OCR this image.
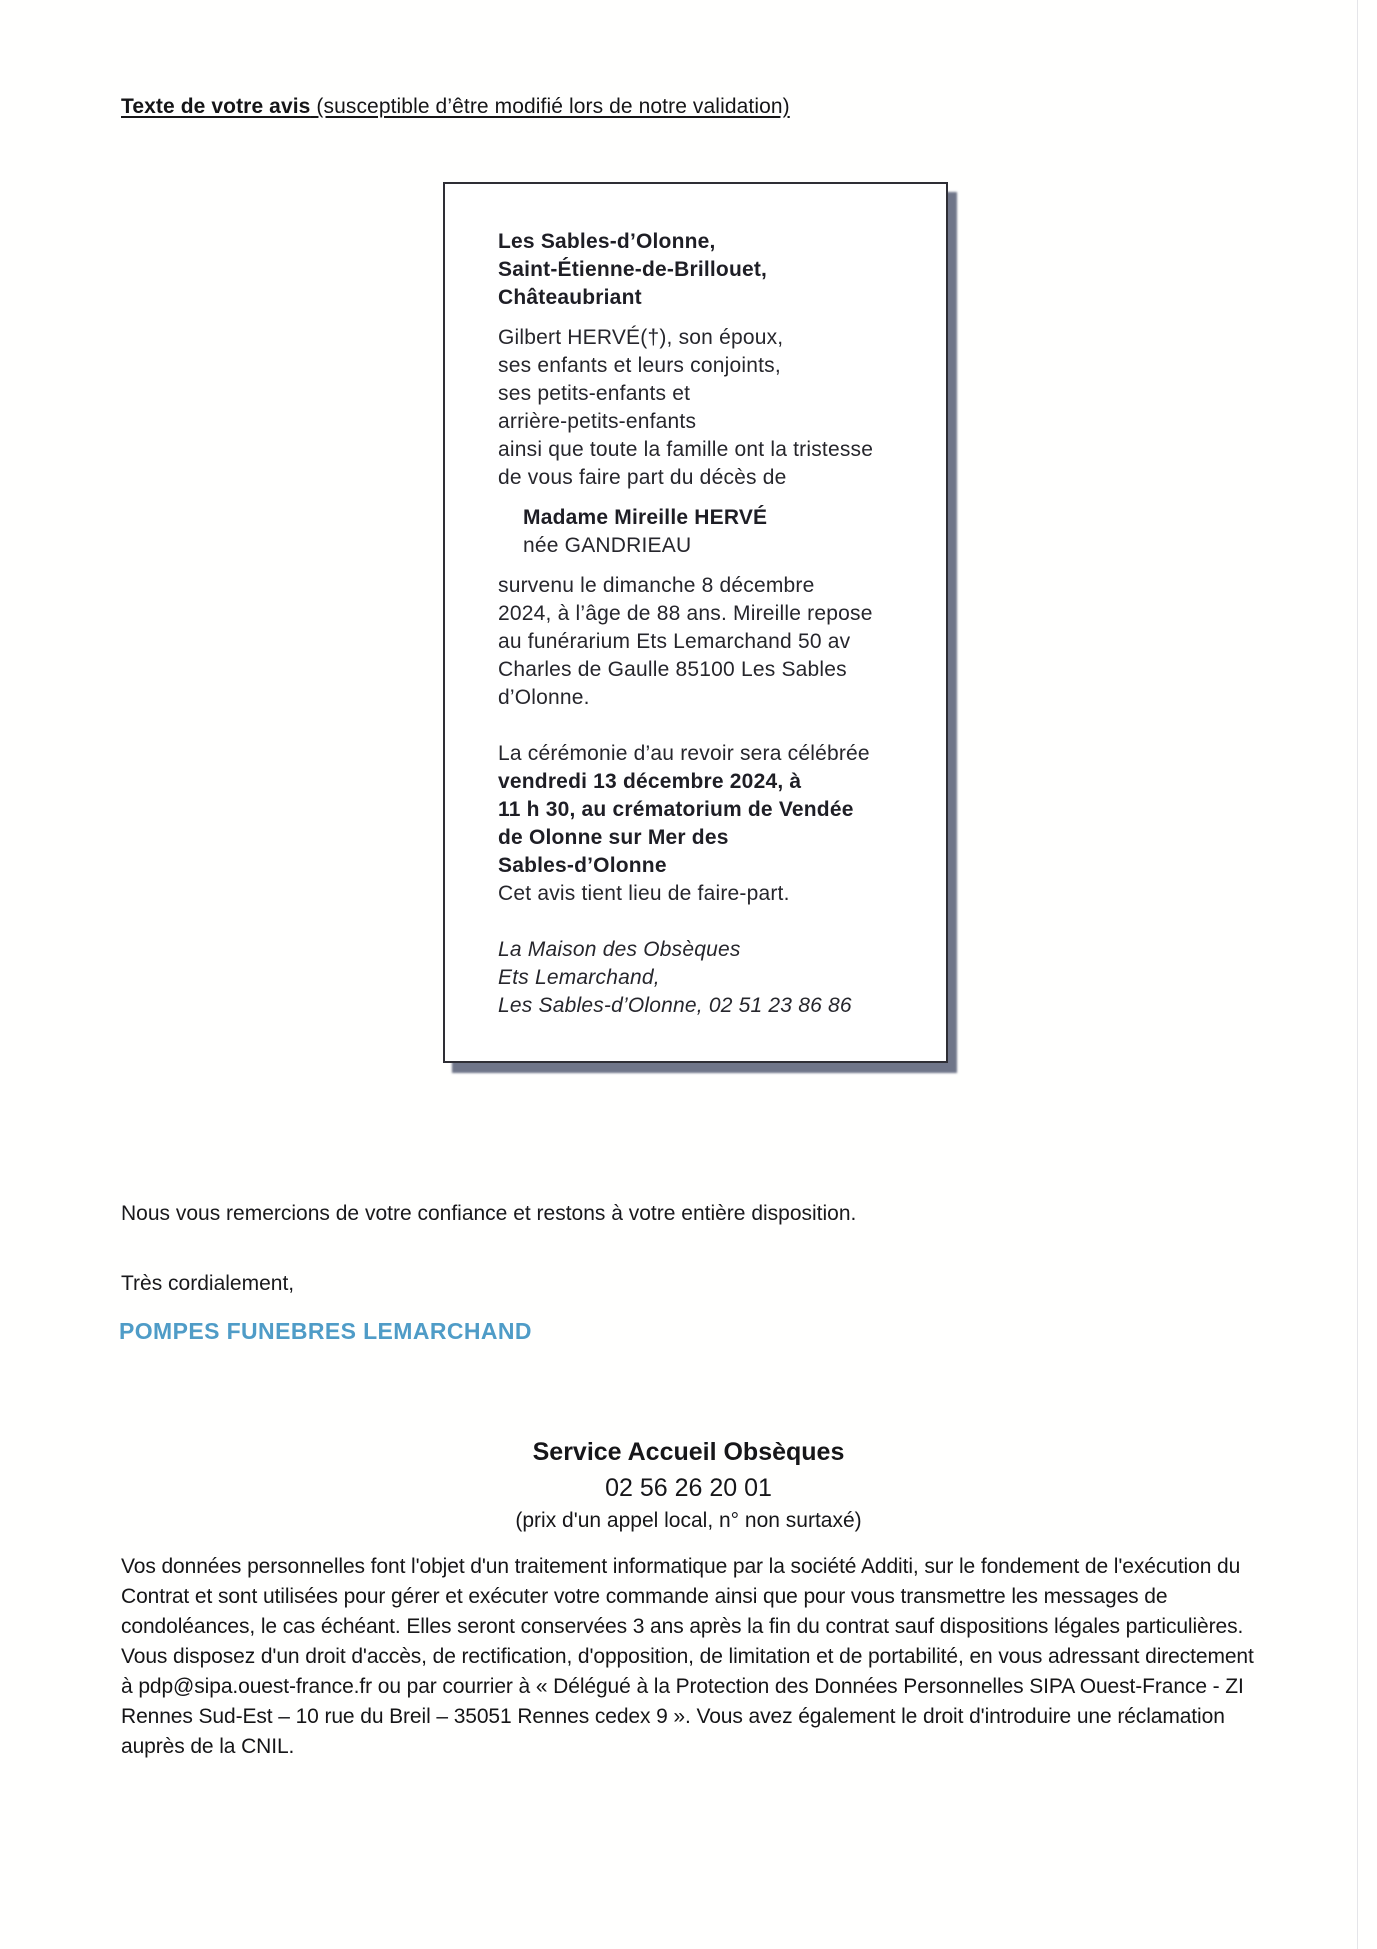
Texte de votre avis (susceptible d’être modifié lors de notre validation)
Les Sables-d’Olonne,
Saint-Étienne-de-Brillouet,
Châteaubriant
Gilbert HERVÉ(†), son époux,
ses enfants et leurs conjoints,
ses petits-enfants et
arrière-petits-enfants
ainsi que toute la famille ont la tristesse
de vous faire part du décès de
Madame Mireille HERVÉ
née GANDRIEAU
survenu le dimanche 8 décembre
2024, à l’âge de 88 ans. Mireille repose
au funérarium Ets Lemarchand 50 av
Charles de Gaulle 85100 Les Sables
d’Olonne.
La cérémonie d’au revoir sera célébrée
vendredi 13 décembre 2024, à
11 h 30, au crématorium de Vendée
de Olonne sur Mer des
Sables-d’Olonne
Cet avis tient lieu de faire-part.
La Maison des Obsèques
Ets Lemarchand,
Les Sables-d’Olonne, 02 51 23 86 86
Nous vous remercions de votre confiance et restons à votre entière disposition.
Très cordialement,
POMPES FUNEBRES LEMARCHAND
Service Accueil Obsèques
02 56 26 20 01
(prix d'un appel local, n° non surtaxé)
Vos données personnelles font l'objet d'un traitement informatique par la société Additi, sur le fondement de l'exécution du Contrat et sont utilisées pour gérer et exécuter votre commande ainsi que pour vous transmettre les messages de condoléances, le cas échéant. Elles seront conservées 3 ans après la fin du contrat sauf dispositions légales particulières. Vous disposez d'un droit d'accès, de rectification, d'opposition, de limitation et de portabilité, en vous adressant directement à pdp@sipa.ouest-france.fr ou par courrier à « Délégué à la Protection des Données Personnelles SIPA Ouest-France - ZI Rennes Sud-Est – 10 rue du Breil – 35051 Rennes cedex 9 ». Vous avez également le droit d'introduire une réclamation auprès de la CNIL.
